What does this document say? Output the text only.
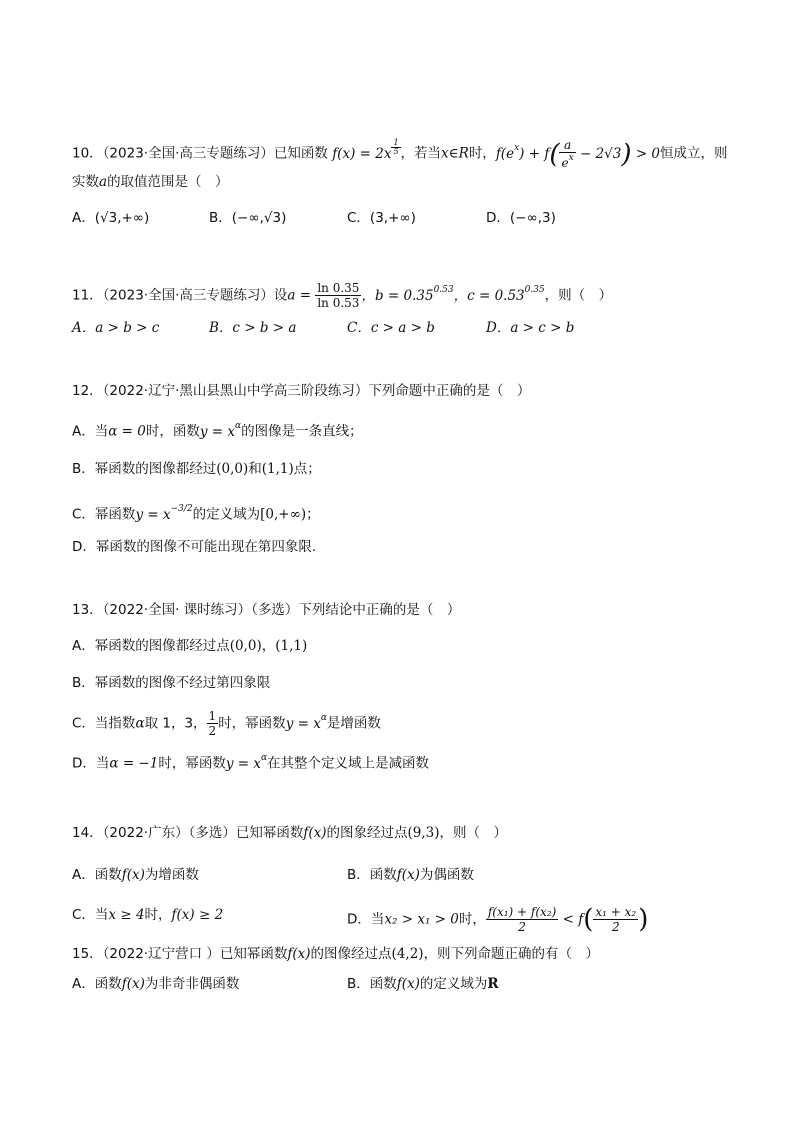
10．（2023·全国·高三专题练习）已知函数 f(x) = 2x $^{\frac{1}{5}}$ ，若当x∈R时，$f(e^x) + f( \frac{a}{e^x} - 2√3) > 0$恒成立，则
实数a的取值范围是（　）
A．(√3,+∞)	B．(−∞,√3)	C．(3,+∞)	D．(−∞,3)
11．（2023·全国·高三专题练习）设$a = \frac{\ln 0.35}{\ln 0.53}$ ，$b = 0.35^{0.53}$，$c = 0.53^{0.35}$，则（　）
A．a > b > c	B．c > b > a	C．c > a > b	D．a > c > b
12．（2022·辽宁·黑山县黑山中学高三阶段练习）下列命题中正确的是（　）
A．当α = 0时，函数$y = x^\alpha$的图像是一条直线；
B．幂函数的图像都经过(0,0)和(1,1)点；
C．幂函数$y = x^{-3/2}$的定义域为[0,+∞)；
D．幂函数的图像不可能出现在第四象限．
13．（2022·全国· 课时练习）（多选）下列结论中正确的是（　）
A．幂函数的图像都经过点(0,0)，(1,1)
B．幂函数的图像不经过第四象限
C．当指数α取 1，3， $\frac{1}{2}$ 时，幂函数$y = x^\alpha$是增函数
D．当α = −1时，幂函数$y = x^\alpha$在其整个定义域上是减函数
14．（2022·广东）（多选）已知幂函数f(x)的图象经过点(9,3)，则（　）
A．函数f(x)为增函数	B．函数f(x)为偶函数
C．当x ≥ 4时，f(x) ≥ 2	D．当x₂ > x₁ > 0时， $\frac{\text{f(x₁) + f(x₂)}}{2} < f( \frac{\text{x₁ + x₂}}{2}$ )
15．（2022·辽宁营口 ）已知幂函数f(x)的图像经过点(4,2)，则下列命题正确的有（　）
A．函数f(x)为非奇非偶函数	B．函数f(x)的定义域为R
